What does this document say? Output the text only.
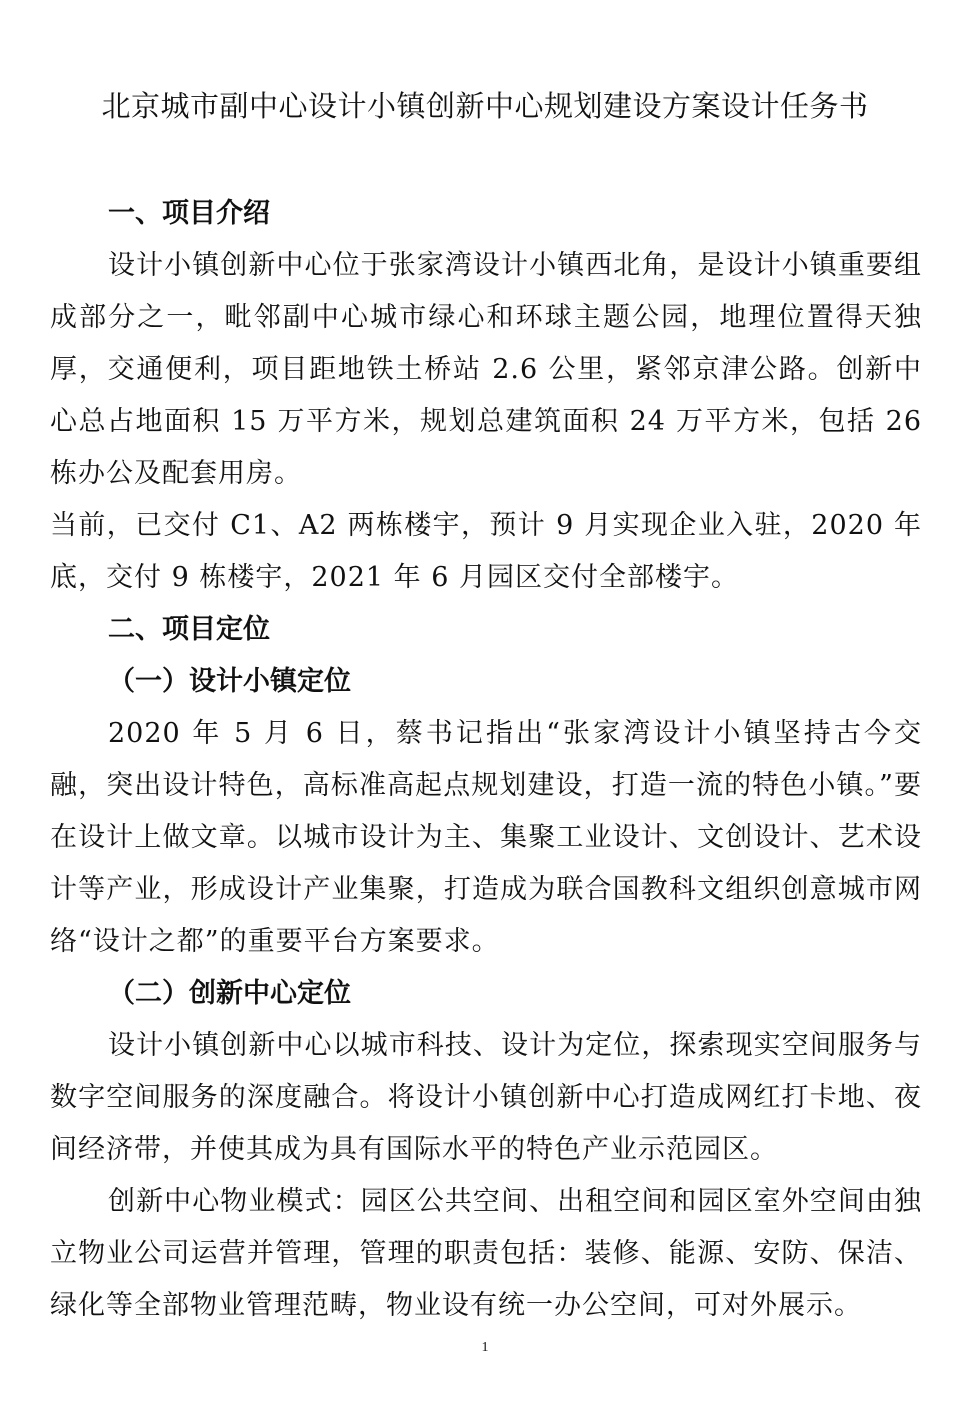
北京城市副中心设计小镇创新中心规划建设方案设计任务书
一、项目介绍

设计小镇创新中心位于张家湾设计小镇西北角，是设计小镇重要组成部分之一，毗邻副中心城市绿心和环球主题公园，地理位置得天独厚，交通便利，项目距地铁土桥站 2.6 公里，紧邻京津公路。创新中心总占地面积 15 万平方米，规划总建筑面积 24 万平方米，包括 26 栋办公及配套用房。

当前，已交付 C1、A2 两栋楼宇，预计 9 月实现企业入驻，2020 年底，交付 9 栋楼宇，2021 年 6 月园区交付全部楼宇。

二、项目定位
（一）设计小镇定位

2020 年 5 月 6 日，蔡书记指出“张家湾设计小镇坚持古今交融，突出设计特色，高标准高起点规划建设，打造一流的特色小镇。”要在设计上做文章。以城市设计为主、集聚工业设计、文创设计、艺术设计等产业，形成设计产业集聚，打造成为联合国教科文组织创意城市网络“设计之都”的重要平台方案要求。

（二）创新中心定位

设计小镇创新中心以城市科技、设计为定位，探索现实空间服务与数字空间服务的深度融合。将设计小镇创新中心打造成网红打卡地、夜间经济带，并使其成为具有国际水平的特色产业示范园区。

创新中心物业模式：园区公共空间、出租空间和园区室外空间由独立物业公司运营并管理，管理的职责包括：装修、能源、安防、保洁、绿化等全部物业管理范畴，物业设有统一办公空间，可对外展示。

1
